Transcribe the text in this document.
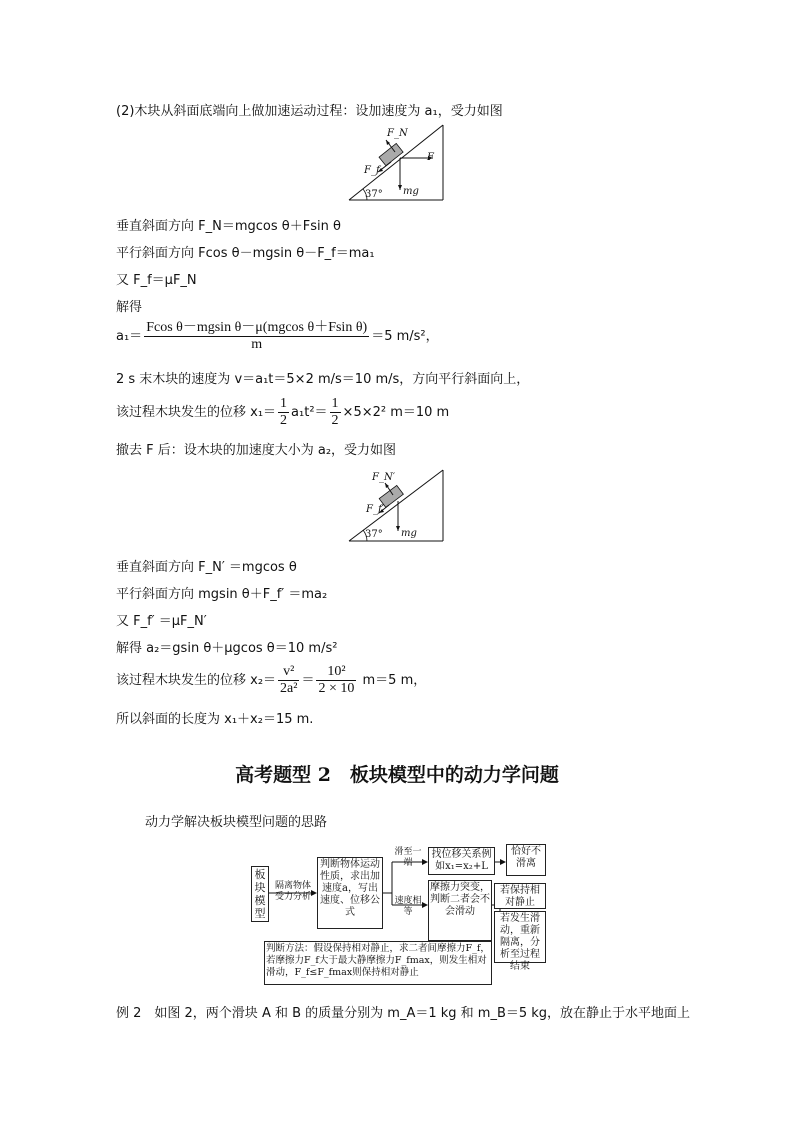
(2)木块从斜面底端向上做加速运动过程：设加速度为 a₁，受力如图
F_N
F_f
F
mg
37°
垂直斜面方向 F_N＝mgcos θ＋Fsin θ
平行斜面方向 Fcos θ－mgsin θ－F_f＝ma₁
又 F_f＝μF_N
解得
$a_1= \frac{\text{Fcos θ－mgsin θ－μ(mgcos θ＋Fsin θ)}}{m} =5$ m/s²，
2 s 末木块的速度为 v＝a₁t＝5×2 m/s＝10 m/s，方向平行斜面向上，
该过程木块发生的位移 $x_1= \frac{1}{2} a_1t^2= \frac{1}{2} \times 5\times 2^2$ m＝10 m
撤去 F 后：设木块的加速度大小为 a₂，受力如图
F_N′
F_f′
mg
37°
垂直斜面方向 F_N′ ＝mgcos θ
平行斜面方向 mgsin θ＋F_f′ ＝ma₂
又 F_f′ ＝μF_N′
解得 a₂＝gsin θ＋μgcos θ＝10 m/s²
该过程木块发生的位移 $x_2= \frac{\text{v²}}{\text{2a²}} = \frac{\text{10²}}{2 \times 10} m=5$ m，
所以斜面的长度为 x₁＋x₂＝15 m.
高考题型 2　板块模型中的动力学问题
动力学解决板块模型问题的思路
板块模型
隔离物体受力分析
判断物体运动性质，求出加速度a，写出速度、位移公式
滑至一端
速度相等
找位移关系例如x₁=x₂+L
恰好不滑离
摩擦力突变，判断二者会不会滑动
若保持相对静止
若发生滑动，重新隔离，分析至过程结束
判断方法：假设保持相对静止，求二者间摩擦力F_f，若摩擦力F_f大于最大静摩擦力F_fmax，则发生相对滑动，F_f≤F_fmax则保持相对静止
例 2　如图 2，两个滑块 A 和 B 的质量分别为 m_A＝1 kg 和 m_B＝5 kg，放在静止于水平地面上
